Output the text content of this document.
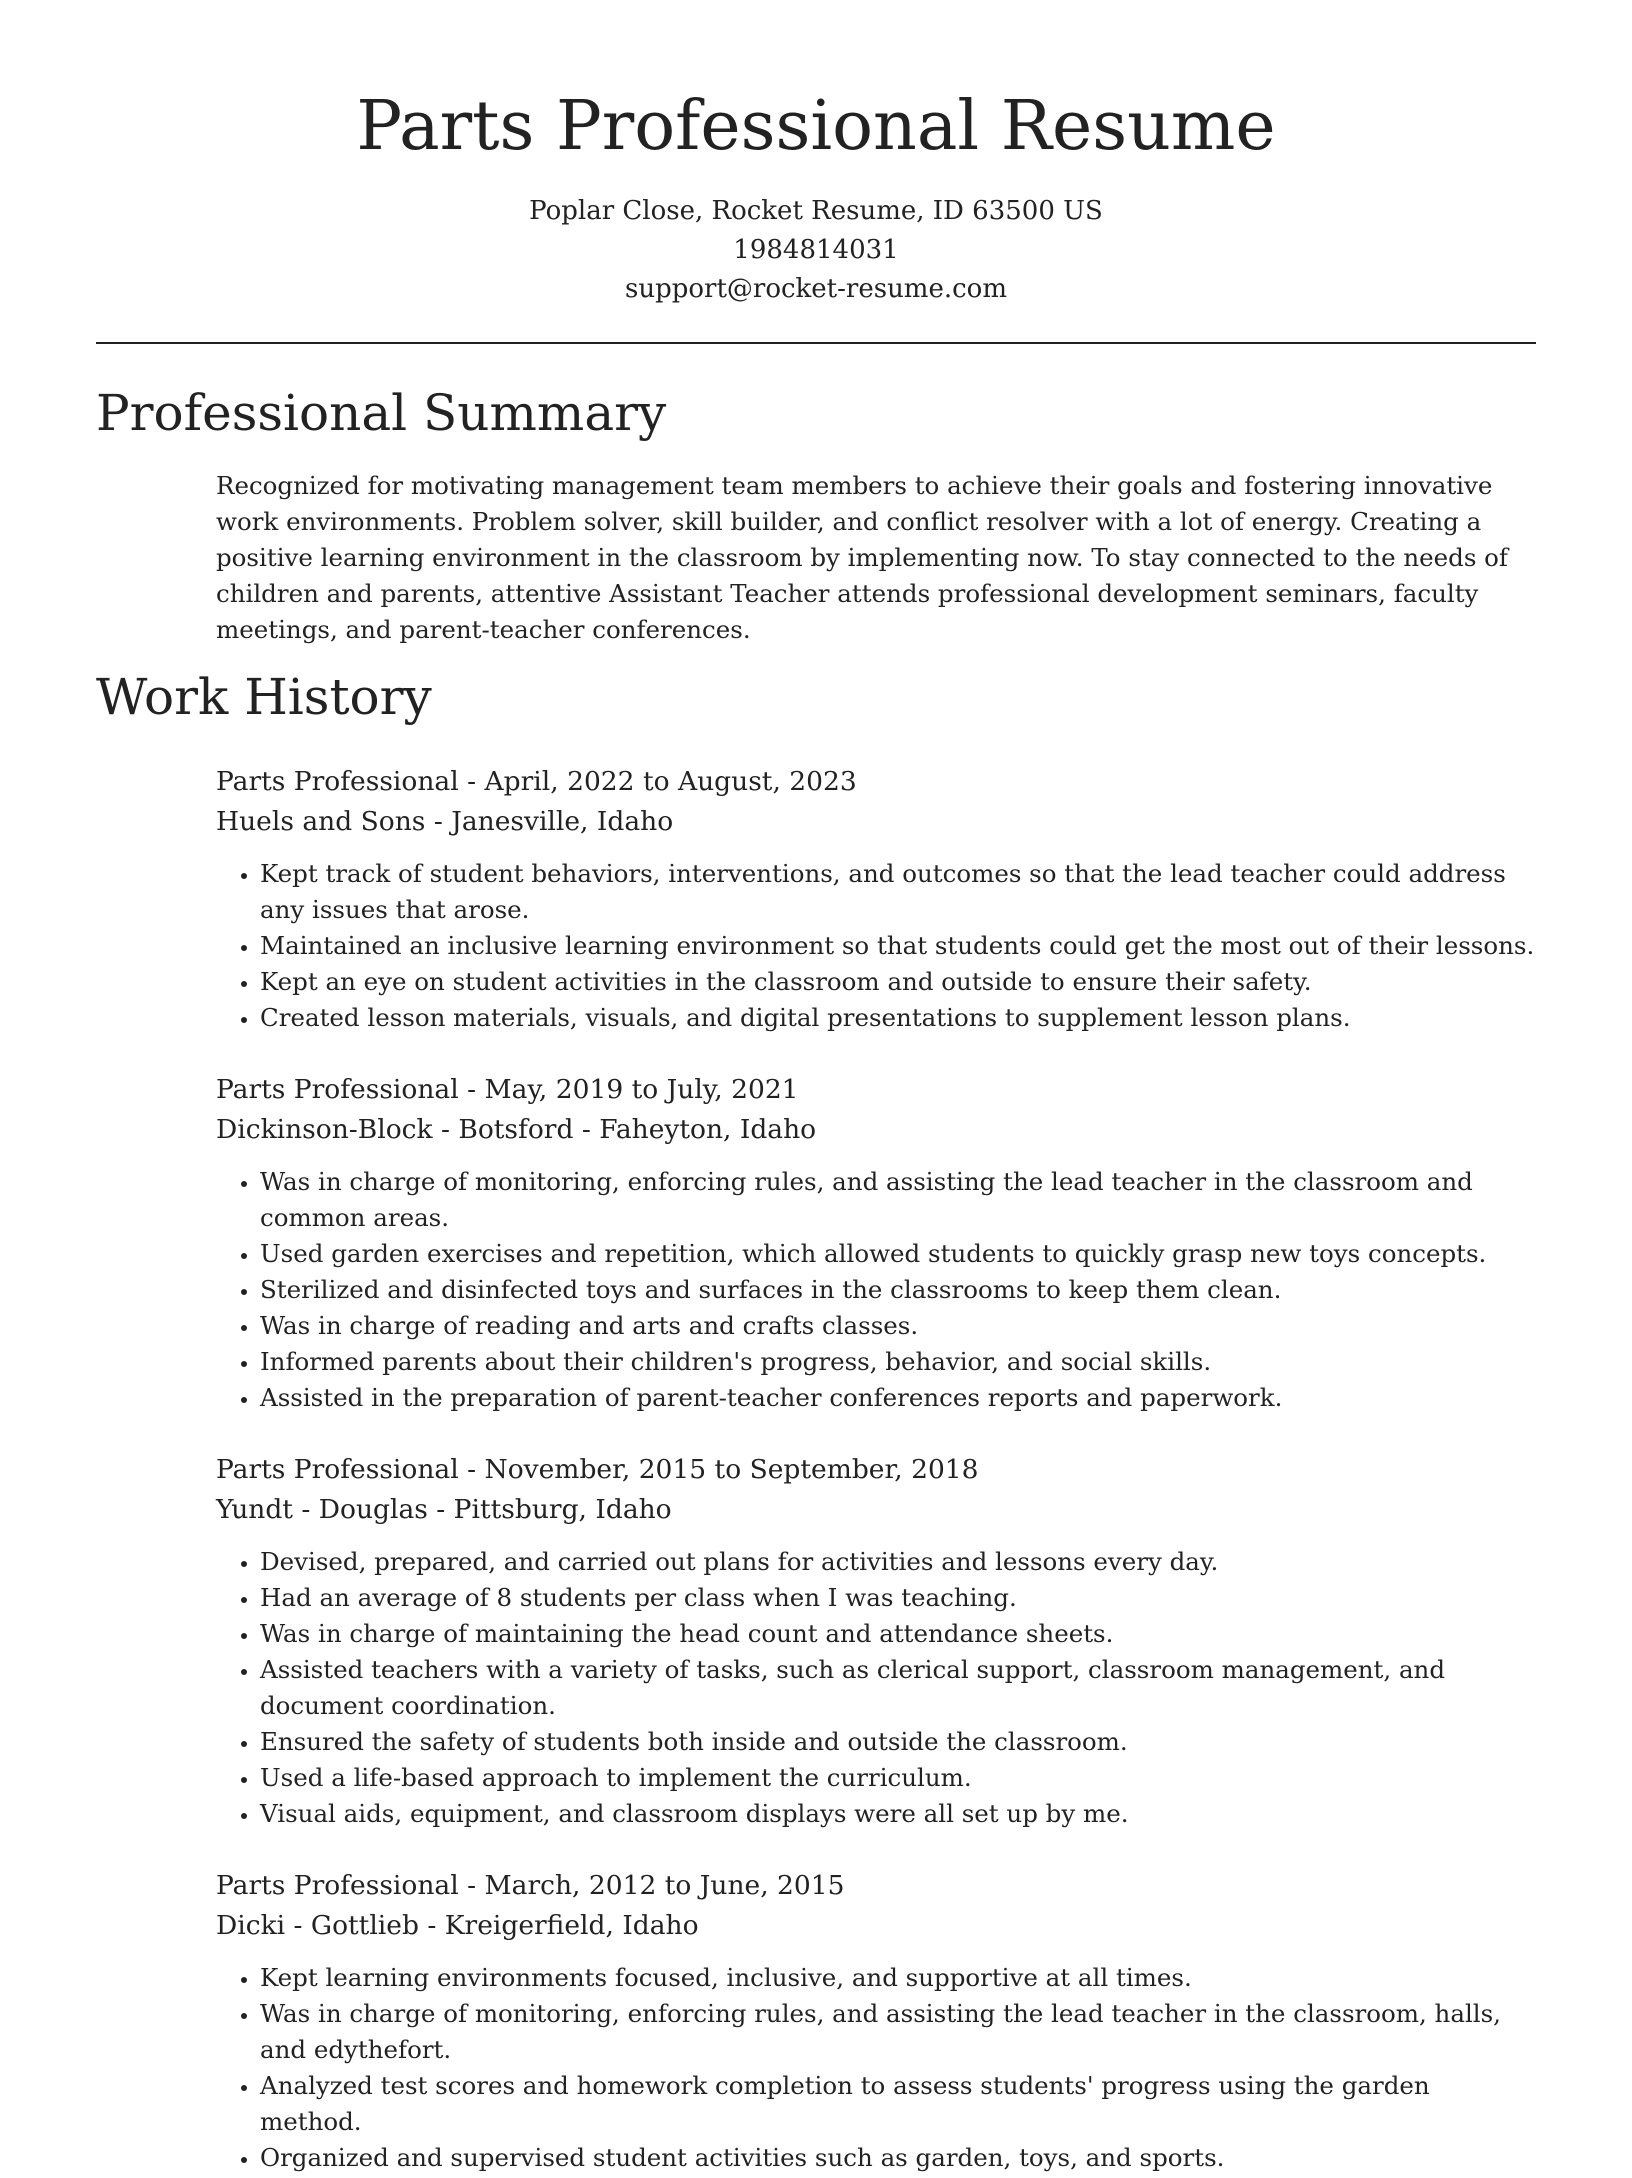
Parts Professional Resume
Poplar Close, Rocket Resume, ID 63500 US
1984814031
support@rocket-resume.com
Professional Summary
Recognized for motivating management team members to achieve their goals and fostering innovative work environments. Problem solver, skill builder, and conflict resolver with a lot of energy. Creating a positive learning environment in the classroom by implementing now. To stay connected to the needs of children and parents, attentive Assistant Teacher attends professional development seminars, faculty meetings, and parent-teacher conferences.
Work History

Parts Professional - April, 2022 to August, 2023

Huels and Sons - Janesville, Idaho

• Kept track of student behaviors, interventions, and outcomes so that the lead teacher could address any issues that arose.
• Maintained an inclusive learning environment so that students could get the most out of their lessons.
• Kept an eye on student activities in the classroom and outside to ensure their safety.
• Created lesson materials, visuals, and digital presentations to supplement lesson plans.

Parts Professional - May, 2019 to July, 2021

Dickinson-Block - Botsford - Faheyton, Idaho

• Was in charge of monitoring, enforcing rules, and assisting the lead teacher in the classroom and common areas.
• Used garden exercises and repetition, which allowed students to quickly grasp new toys concepts.
• Sterilized and disinfected toys and surfaces in the classrooms to keep them clean.
• Was in charge of reading and arts and crafts classes.
• Informed parents about their children's progress, behavior, and social skills.
• Assisted in the preparation of parent-teacher conferences reports and paperwork.

Parts Professional - November, 2015 to September, 2018

Yundt - Douglas - Pittsburg, Idaho

• Devised, prepared, and carried out plans for activities and lessons every day.
• Had an average of 8 students per class when I was teaching.
• Was in charge of maintaining the head count and attendance sheets.
• Assisted teachers with a variety of tasks, such as clerical support, classroom management, and document coordination.
• Ensured the safety of students both inside and outside the classroom.
• Used a life-based approach to implement the curriculum.
• Visual aids, equipment, and classroom displays were all set up by me.

Parts Professional - March, 2012 to June, 2015

Dicki - Gottlieb - Kreigerfield, Idaho

• Kept learning environments focused, inclusive, and supportive at all times.
• Was in charge of monitoring, enforcing rules, and assisting the lead teacher in the classroom, halls, and edythefort.
• Analyzed test scores and homework completion to assess students' progress using the garden method.
• Organized and supervised student activities such as garden, toys, and sports.
